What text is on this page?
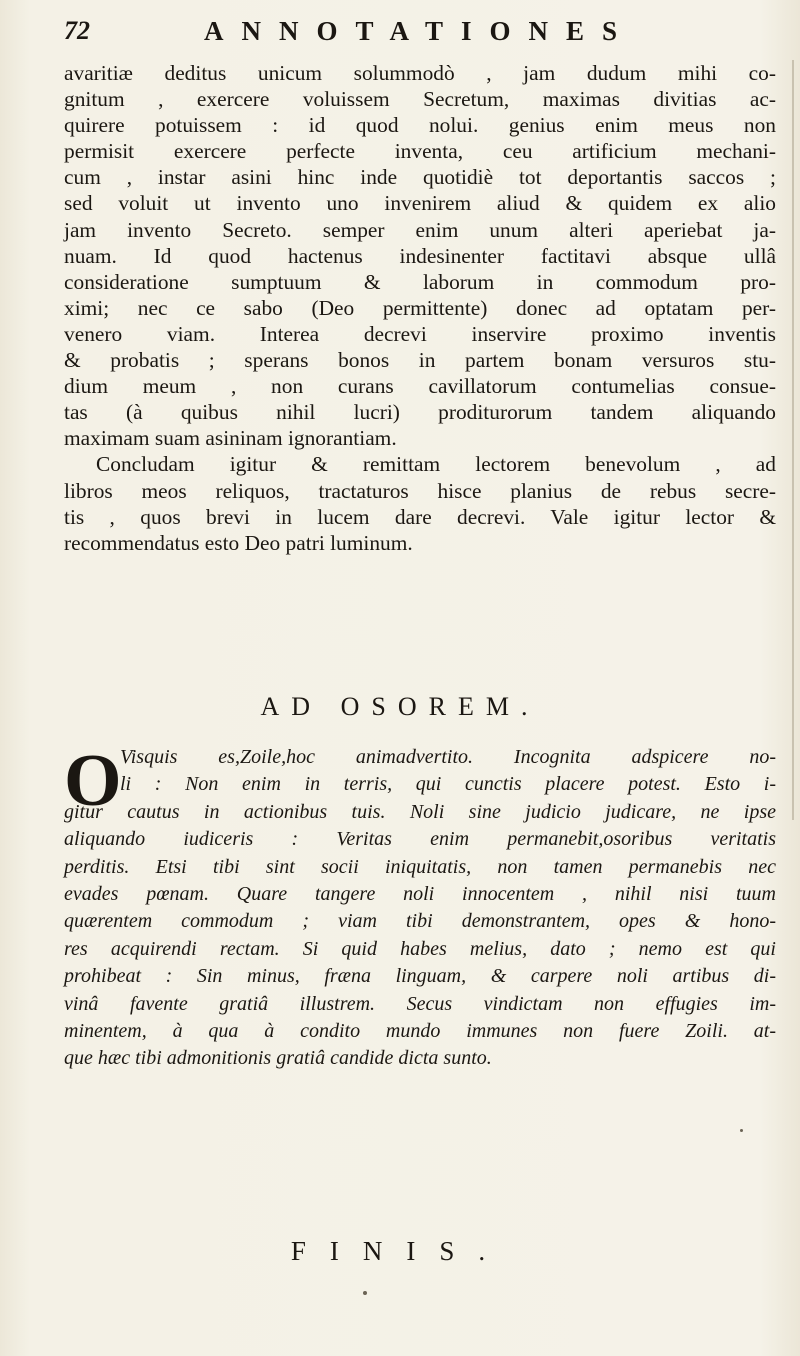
72	ANNOTATIONES
avaritiæ deditus unicum solummodò , jam dudum mihi co-
gnitum , exercere voluissem Secretum, maximas divitias ac-
quirere potuissem : id quod nolui. genius enim meus non
permisit exercere perfecte inventa, ceu artificium mechani-
cum , instar asini hinc inde quotidiè tot deportantis saccos ;
sed voluit ut invento uno invenirem aliud & quidem ex alio
jam invento Secreto. semper enim unum alteri aperiebat ja-
nuam. Id quod hactenus indesinenter factitavi absque ullâ
consideratione sumptuum & laborum in commodum pro-
ximi; nec ce sabo (Deo permittente) donec ad optatam per-
venero viam. Interea decrevi inservire proximo inventis
& probatis ; sperans bonos in partem bonam versuros stu-
dium meum , non curans cavillatorum contumelias consue-
tas (à quibus nihil lucri) proditurorum tandem aliquando
maximam suam asininam ignorantiam.
Concludam igitur & remittam lectorem benevolum , ad
libros meos reliquos, tractaturos hisce planius de rebus secre-
tis , quos brevi in lucem dare decrevi. Vale igitur lector &
recommendatus esto Deo patri luminum.
AD OSOREM.
O
Visquis es,Zoile,hoc animadvertito. Incognita adspicere no-
li : Non enim in terris, qui cunctis placere potest. Esto i-
gitur cautus in actionibus tuis. Noli sine judicio judicare, ne ipse
aliquando iudiceris : Veritas enim permanebit,osoribus veritatis
perditis. Etsi tibi sint socii iniquitatis, non tamen permanebis nec
evades pœnam. Quare tangere noli innocentem , nihil nisi tuum
quærentem commodum ; viam tibi demonstrantem, opes & hono-
res acquirendi rectam. Si quid habes melius, dato ; nemo est qui
prohibeat : Sin minus, fræna linguam, & carpere noli artibus di-
vinâ favente gratiâ illustrem. Secus vindictam non effugies im-
minentem, à qua à condito mundo immunes non fuere Zoili. at-
que hæc tibi admonitionis gratiâ candide dicta sunto.
FINIS.
